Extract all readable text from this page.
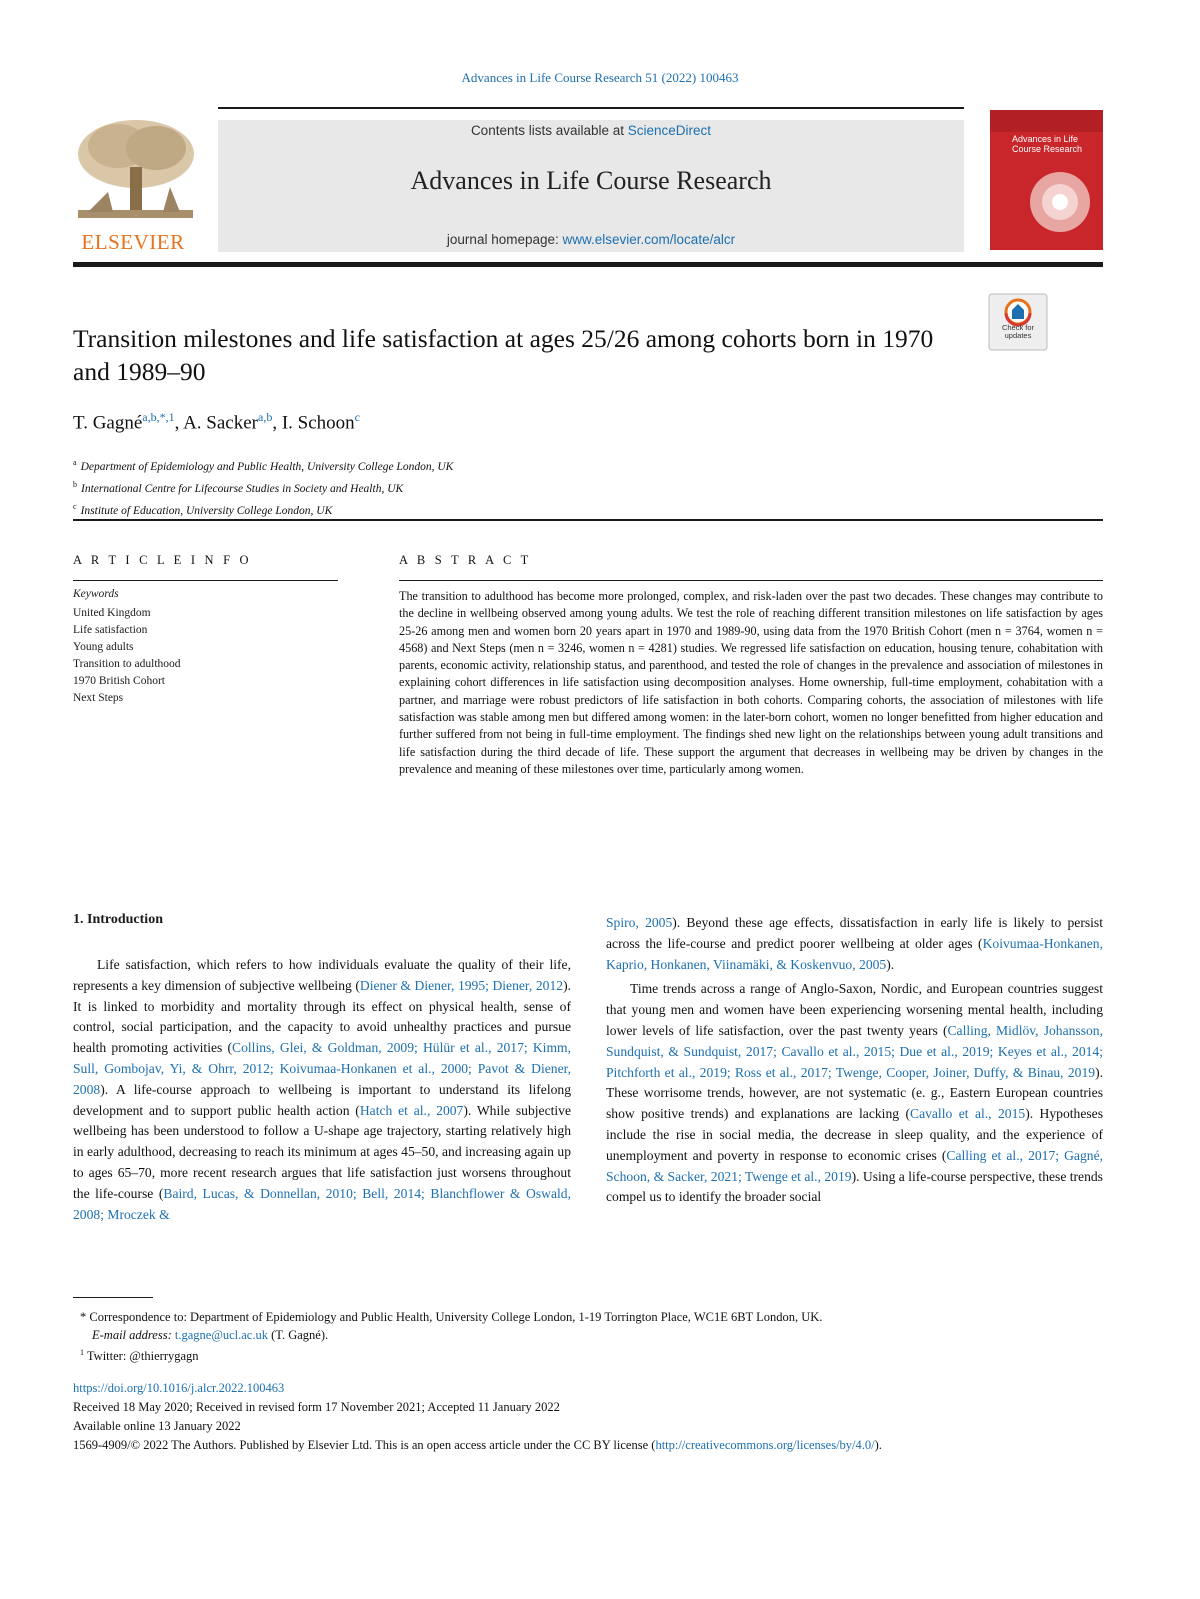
Advances in Life Course Research 51 (2022) 100463
ELSEVIER
Contents lists available at ScienceDirect
Advances in Life Course Research
journal homepage: www.elsevier.com/locate/alcr
Advances in Life Course Research
Check for updates
Transition milestones and life satisfaction at ages 25/26 among cohorts born in 1970 and 1989–90
T. Gagné$^{a,b,*,1}$, A. Sacker$^{a,b}$, I. Schoon$^c$
$^a$ Department of Epidemiology and Public Health, University College London, UK
$^b$ International Centre for Lifecourse Studies in Society and Health, UK
$^c$ Institute of Education, University College London, UK
A R T I C L E I N F O
Keywords
United Kingdom
Life satisfaction
Young adults
Transition to adulthood
1970 British Cohort
Next Steps
A B S T R A C T
The transition to adulthood has become more prolonged, complex, and risk-laden over the past two decades. These changes may contribute to the decline in wellbeing observed among young adults. We test the role of reaching different transition milestones on life satisfaction by ages 25-26 among men and women born 20 years apart in 1970 and 1989-90, using data from the 1970 British Cohort (men n = 3764, women n = 4568) and Next Steps (men n = 3246, women n = 4281) studies. We regressed life satisfaction on education, housing tenure, cohabitation with parents, economic activity, relationship status, and parenthood, and tested the role of changes in the prevalence and association of milestones in explaining cohort differences in life satisfaction using decomposition analyses. Home ownership, full-time employment, cohabitation with a partner, and marriage were robust predictors of life satisfaction in both cohorts. Comparing cohorts, the association of milestones with life satisfaction was stable among men but differed among women: in the later-born cohort, women no longer benefitted from higher education and further suffered from not being in full-time employment. The findings shed new light on the relationships between young adult transitions and life satisfaction during the third decade of life. These support the argument that decreases in wellbeing may be driven by changes in the prevalence and meaning of these milestones over time, particularly among women.
1. Introduction

Life satisfaction, which refers to how individuals evaluate the quality of their life, represents a key dimension of subjective wellbeing (Diener & Diener, 1995; Diener, 2012). It is linked to morbidity and mortality through its effect on physical health, sense of control, social participation, and the capacity to avoid unhealthy practices and pursue health promoting activities (Collins, Glei, & Goldman, 2009; Hülür et al., 2017; Kimm, Sull, Gombojav, Yi, & Ohrr, 2012; Koivumaa-Honkanen et al., 2000; Pavot & Diener, 2008). A life-course approach to wellbeing is important to understand its lifelong development and to support public health action (Hatch et al., 2007). While subjective wellbeing has been understood to follow a U-shape age trajectory, starting relatively high in early adulthood, decreasing to reach its minimum at ages 45–50, and increasing again up to ages 65–70, more recent research argues that life satisfaction just worsens throughout the life-course (Baird, Lucas, & Donnellan, 2010; Bell, 2014; Blanchflower & Oswald, 2008; Mroczek &

Spiro, 2005). Beyond these age effects, dissatisfaction in early life is likely to persist across the life-course and predict poorer wellbeing at older ages (Koivumaa-Honkanen, Kaprio, Honkanen, Viinamäki, & Koskenvuo, 2005).

Time trends across a range of Anglo-Saxon, Nordic, and European countries suggest that young men and women have been experiencing worsening mental health, including lower levels of life satisfaction, over the past twenty years (Calling, Midlöv, Johansson, Sundquist, & Sundquist, 2017; Cavallo et al., 2015; Due et al., 2019; Keyes et al., 2014; Pitchforth et al., 2019; Ross et al., 2017; Twenge, Cooper, Joiner, Duffy, & Binau, 2019). These worrisome trends, however, are not systematic (e. g., Eastern European countries show positive trends) and explanations are lacking (Cavallo et al., 2015). Hypotheses include the rise in social media, the decrease in sleep quality, and the experience of unemployment and poverty in response to economic crises (Calling et al., 2017; Gagné, Schoon, & Sacker, 2021; Twenge et al., 2019). Using a life-course perspective, these trends compel us to identify the broader social

* Correspondence to: Department of Epidemiology and Public Health, University College London, 1-19 Torrington Place, WC1E 6BT London, UK.
E-mail address: t.gagne@ucl.ac.uk (T. Gagné).
$^1$ Twitter: @thierrygagn
https://doi.org/10.1016/j.alcr.2022.100463
Received 18 May 2020; Received in revised form 17 November 2021; Accepted 11 January 2022
Available online 13 January 2022
1569-4909/© 2022 The Authors. Published by Elsevier Ltd. This is an open access article under the CC BY license (http://creativecommons.org/licenses/by/4.0/).
